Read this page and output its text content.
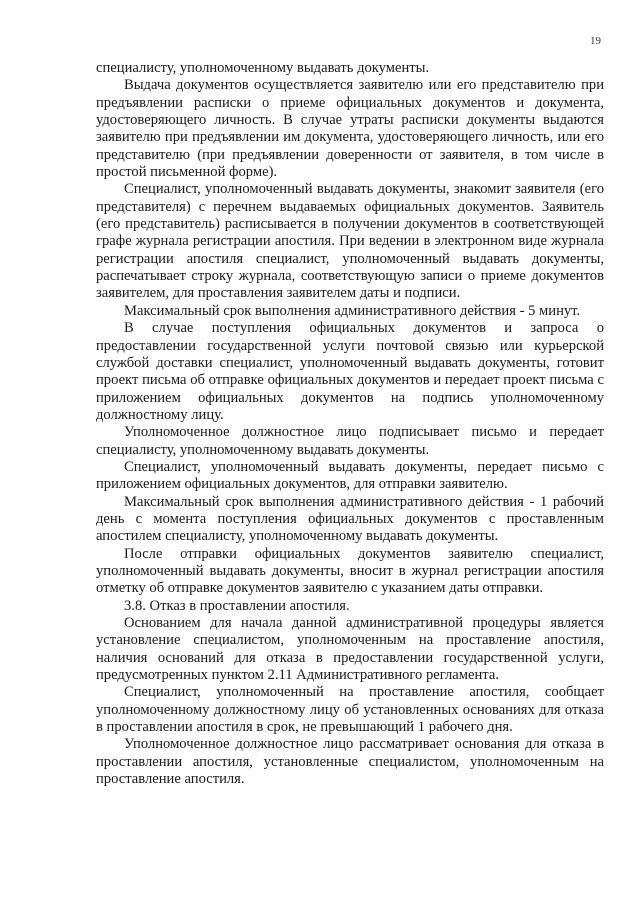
19

специалисту, уполномоченному выдавать документы.

Выдача документов осуществляется заявителю или его представителю при предъявлении расписки о приеме официальных документов и документа, удостоверяющего личность. В случае утраты расписки документы выдаются заявителю при предъявлении им документа, удостоверяющего личность, или его представителю (при предъявлении доверенности от заявителя, в том числе в простой письменной форме).

Специалист, уполномоченный выдавать документы, знакомит заявителя (его представителя) с перечнем выдаваемых официальных документов. Заявитель (его представитель) расписывается в получении документов в соответствующей графе журнала регистрации апостиля. При ведении в электронном виде журнала регистрации апостиля специалист, уполномоченный выдавать документы, распечатывает строку журнала, соответствующую записи о приеме документов заявителем, для проставления заявителем даты и подписи.

Максимальный срок выполнения административного действия - 5 минут.

В случае поступления официальных документов и запроса о предоставлении государственной услуги почтовой связью или курьерской службой доставки специалист, уполномоченный выдавать документы, готовит проект письма об отправке официальных документов и передает проект письма с приложением официальных документов на подпись уполномоченному должностному лицу.

Уполномоченное должностное лицо подписывает письмо и передает специалисту, уполномоченному выдавать документы.

Специалист, уполномоченный выдавать документы, передает письмо с приложением официальных документов, для отправки заявителю.

Максимальный срок выполнения административного действия - 1 рабочий день с момента поступления официальных документов с проставленным апостилем специалисту, уполномоченному выдавать документы.

После отправки официальных документов заявителю специалист, уполномоченный выдавать документы, вносит в журнал регистрации апостиля отметку об отправке документов заявителю с указанием даты отправки.

3.8. Отказ в проставлении апостиля.

Основанием для начала данной административной процедуры является установление специалистом, уполномоченным на проставление апостиля, наличия оснований для отказа в предоставлении государственной услуги, предусмотренных пунктом 2.11 Административного регламента.

Специалист, уполномоченный на проставление апостиля, сообщает уполномоченному должностному лицу об установленных основаниях для отказа в проставлении апостиля в срок, не превышающий 1 рабочего дня.

Уполномоченное должностное лицо рассматривает основания для отказа в проставлении апостиля, установленные специалистом, уполномоченным на проставление апостиля.
